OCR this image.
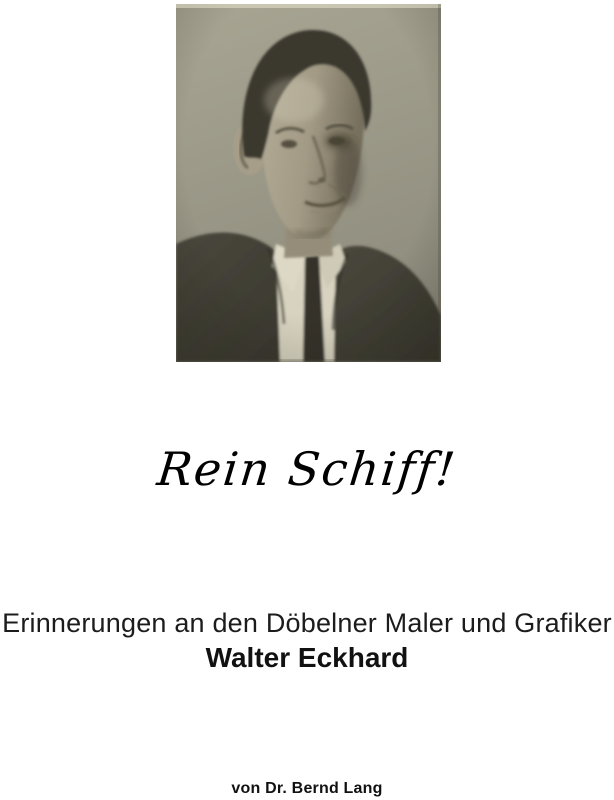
Rein Schiff!
Erinnerungen an den Döbelner Maler und Grafiker
Walter Eckhard
von Dr. Bernd Lang
